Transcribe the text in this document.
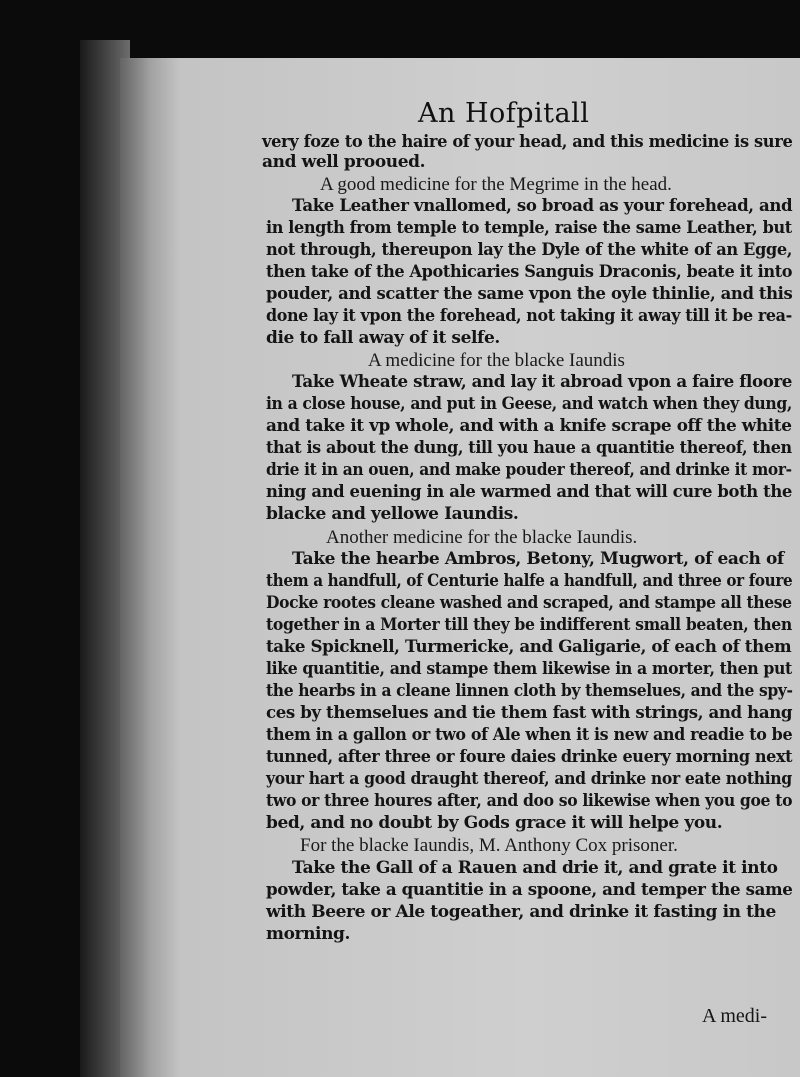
An Hofpitall
very foze to the haire of your head, and this medicine is sure
and well prooued.
A good medicine for the Megrime in the head.
Take Leather vnallomed, so broad as your forehead, and
in length from temple to temple, raise the same Leather, but
not through, thereupon lay the Dyle of the white of an Egge,
then take of the Apothicaries Sanguis Draconis, beate it into
pouder, and scatter the same vpon the oyle thinlie, and this
done lay it vpon the forehead, not taking it away till it be rea-
die to fall away of it selfe.
A medicine for the blacke Iaundis
Take Wheate straw, and lay it abroad vpon a faire floore
in a close house, and put in Geese, and watch when they dung,
and take it vp whole, and with a knife scrape off the white
that is about the dung, till you haue a quantitie thereof, then
drie it in an ouen, and make pouder thereof, and drinke it mor-
ning and euening in ale warmed and that will cure both the
blacke and yellowe Iaundis.
Another medicine for the blacke Iaundis.
Take the hearbe Ambros, Betony, Mugwort, of each of
them a handfull, of Centurie halfe a handfull, and three or foure
Docke rootes cleane washed and scraped, and stampe all these
together in a Morter till they be indifferent small beaten, then
take Spicknell, Turmericke, and Galigarie, of each of them
like quantitie, and stampe them likewise in a morter, then put
the hearbs in a cleane linnen cloth by themselues, and the spy-
ces by themselues and tie them fast with strings, and hang
them in a gallon or two of Ale when it is new and readie to be
tunned, after three or foure daies drinke euery morning next
your hart a good draught thereof, and drinke nor eate nothing
two or three houres after, and doo so likewise when you goe to
bed, and no doubt by Gods grace it will helpe you.
For the blacke Iaundis, M. Anthony Cox prisoner.
Take the Gall of a Rauen and drie it, and grate it into
powder, take a quantitie in a spoone, and temper the same
with Beere or Ale togeather, and drinke it fasting in the
morning.
A medi-
